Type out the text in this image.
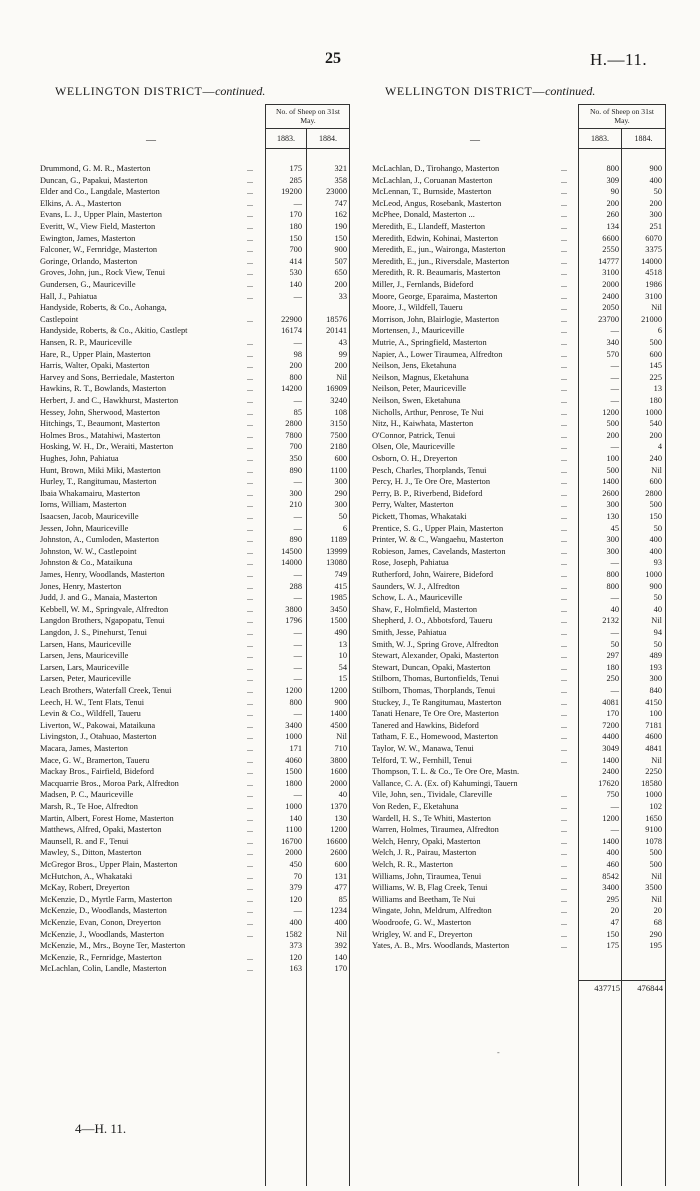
25	H.—11.
WELLINGTON DISTRICT—continued.
—
No. of Sheep on 31st May.
1883.	1884.
WELLINGTON DISTRICT—continued.
—
No. of Sheep on 31st May.
1883.	1884.
Drummond, G. M. R., Masterton	...	175	321
Duncan, G., Papakui, Masterton	...	285	358
Elder and Co., Langdale, Masterton	...	19200	23000
Elkins, A. A., Masterton	...	—	747
Evans, L. J., Upper Plain, Masterton	...	170	162
Everitt, W., View Field, Masterton	...	180	190
Ewington, James, Masterton	...	150	150
Falconer, W., Fernridge, Masterton	...	700	900
Goringe, Orlando, Masterton	...	414	507
Groves, John, jun., Rock View, Tenui	...	530	650
Gundersen, G., Mauriceville	...	140	200
Hall, J., Pahiatua	...	—	33
Handyside, Roberts, & Co., Aohanga,
Castlepoint	...	22900	18576
Handyside, Roberts, & Co., Akitio, Castlept	16174	20141
Hansen, R. P., Mauriceville	...	—	43
Hare, R., Upper Plain, Masterton	...	98	99
Harris, Walter, Opaki, Masterton	...	200	200
Harvey and Sons, Berriedale, Masterton	...	800	Nil
Hawkins, R. T., Bowlands, Masterton	...	14200	16909
Herbert, J. and C., Hawkhurst, Masterton	...	—	3240
Hessey, John, Sherwood, Masterton	...	85	108
Hitchings, T., Beaumont, Masterton	...	2800	3150
Holmes Bros., Matahiwi, Masterton	...	7800	7500
Hosking, W. H., Dr., Weraiti, Masterton	...	700	2180
Hughes, John, Pahiatua	...	350	600
Hunt, Brown, Miki Miki, Masterton	...	890	1100
Hurley, T., Rangitumau, Masterton	...	—	300
Ibaia Whakamairu, Masterton	...	300	290
Iorns, William, Masterton	...	210	300
Isaacsen, Jacob, Mauriceville	...	—	50
Jessen, John, Mauriceville	...	—	6
Johnston, A., Cumloden, Masterton	...	890	1189
Johnston, W. W., Castlepoint	...	14500	13999
Johnston & Co., Mataikuna	...	14000	13080
James, Henry, Woodlands, Masterton	...	—	749
Jones, Henry, Masterton	...	288	415
Judd, J. and G., Manaia, Masterton	...	—	1985
Kebbell, W. M., Springvale, Alfredton	...	3800	3450
Langdon Brothers, Ngapopatu, Tenui	...	1796	1500
Langdon, J. S., Pinehurst, Tenui	...	—	490
Larsen, Hans, Mauriceville	...	—	13
Larsen, Jens, Mauriceville	...	—	10
Larsen, Lars, Mauriceville	...	—	54
Larsen, Peter, Mauriceville	...	—	15
Leach Brothers, Waterfall Creek, Tenui	...	1200	1200
Leech, H. W., Tent Flats, Tenui	...	800	900
Levin & Co., Wildfell, Taueru	...	—	1400
Liverton, W., Pakowai, Mataikuna	...	3400	4500
Livingston, J., Otahuao, Masterton	...	1000	Nil
Macara, James, Masterton	...	171	710
Mace, G. W., Bramerton, Taueru	...	4060	3800
Mackay Bros., Fairfield, Bideford	...	1500	1600
Macquarrie Bros., Moroa Park, Alfredton	...	1800	2000
Madsen, P. C., Mauriceville	...	—	40
Marsh, R., Te Hoe, Alfredton	...	1000	1370
Martin, Albert, Forest Home, Masterton	...	140	130
Matthews, Alfred, Opaki, Masterton	...	1100	1200
Maunsell, R. and F., Tenui	...	16700	16600
Mawley, S., Ditton, Masterton	...	2000	2600
McGregor Bros., Upper Plain, Masterton	...	450	600
McHutchon, A., Whakataki	...	70	131
McKay, Robert, Dreyerton	...	379	477
McKenzie, D., Myrtle Farm, Masterton	...	120	85
McKenzie, D., Woodlands, Masterton	...	—	1234
McKenzie, Evan, Conon, Dreyerton	...	400	400
McKenzie, J., Woodlands, Masterton	...	1582	Nil
McKenzie, M., Mrs., Boyne Ter, Masterton	373	392
McKenzie, R., Fernridge, Masterton	...	120	140
McLachlan, Colin, Landle, Masterton	...	163	170
McLachlan, D., Tirohango, Masterton	...	800	900
McLachlan, J., Coruanan Masterton	...	309	400
McLennan, T., Burnside, Masterton	...	90	50
McLeod, Angus, Rosebank, Masterton	...	200	200
McPhee, Donald, Masterton ...	...	260	300
Meredith, E., Llandeff, Masterton	...	134	251
Meredith, Edwin, Kohinai, Masterton	...	6600	6070
Meredith, E., jun., Waironga, Masterton	...	2550	3375
Meredith, E., jun., Riversdale, Masterton	...	14777	14000
Meredith, R. R. Beaumaris, Masterton	...	3100	4518
Miller, J., Fernlands, Bideford	...	2000	1986
Moore, George, Eparaima, Masterton	...	2400	3100
Moore, J., Wildfell, Taueru	...	2050	Nil
Morrison, John, Blairlogie, Masterton	...	23700	21000
Mortensen, J., Mauriceville	...	—	6
Mutrie, A., Springfield, Masterton	...	340	500
Napier, A., Lower Tiraumea, Alfredton	...	570	600
Neilson, Jens, Eketahuna	...	—	145
Neilson, Magnus, Eketahuna	...	—	225
Neilson, Peter, Mauriceville	...	—	13
Neilson, Swen, Eketahuna	...	—	180
Nicholls, Arthur, Penrose, Te Nui	...	1200	1000
Nitz, H., Kaiwhata, Masterton	...	500	540
O'Connor, Patrick, Tenui	...	200	200
Olsen, Ole, Mauriceville	...	—	4
Osborn, O. H., Dreyerton	...	100	240
Pesch, Charles, Thorplands, Tenui	...	500	Nil
Percy, H. J., Te Ore Ore, Masterton	...	1400	600
Perry, B. P., Riverbend, Bideford	...	2600	2800
Perry, Walter, Masterton	...	300	500
Pickett, Thomas, Whakataki	...	130	150
Prentice, S. G., Upper Plain, Masterton	...	45	50
Printer, W. & C., Wangaehu, Masterton	...	300	400
Robieson, James, Cavelands, Masterton	...	300	400
Rose, Joseph, Pahiatua	...	—	93
Rutherford, John, Wairere, Bideford	...	800	1000
Saunders, W. J., Alfredton	...	800	900
Schow, L. A., Mauriceville	...	—	50
Shaw, F., Holmfield, Masterton	...	40	40
Shepherd, J. O., Abbotsford, Taueru	...	2132	Nil
Smith, Jesse, Pahiatua	...	—	94
Smith, W. J., Spring Grove, Alfredton	...	50	50
Stewart, Alexander, Opaki, Masterton	...	297	489
Stewart, Duncan, Opaki, Masterton	...	180	193
Stilborn, Thomas, Burtonfields, Tenui	...	250	300
Stilborn, Thomas, Thorplands, Tenui	...	—	840
Stuckey, J., Te Rangitumau, Masterton	...	4081	4150
Tanati Henare, Te Ore Ore, Masterton	...	170	100
Tanered and Hawkins, Bideford	...	7200	7181
Tatham, F. E., Homewood, Masterton	...	4400	4600
Taylor, W. W., Manawa, Tenui	...	3049	4841
Telford, T. W., Fernhill, Tenui	...	1400	Nil
Thompson, T. L. & Co., Te Ore Ore, Mastn.	2400	2250
Vallance, C. A. (Ex. of) Kahumingi, Tauern	17620	18580
Vile, John, sen., Tividale, Clareville	...	750	1000
Von Reden, F., Eketahuna	...	—	102
Wardell, H. S., Te Whiti, Masterton	...	1200	1650
Warren, Holmes, Tiraumea, Alfredton	...	—	9100
Welch, Henry, Opaki, Masterton	...	1400	1078
Welch, J. R., Pairau, Masterton	...	400	500
Welch, R. R., Masterton	...	460	500
Williams, John, Tiraumea, Tenui	...	8542	Nil
Williams, W. B, Flag Creek, Tenui	...	3400	3500
Williams and Beetham, Te Nui	...	295	Nil
Wingate, John, Meldrum, Alfredton	...	20	20
Woodroofe, G. W., Masterton	...	47	68
Wrigley, W. and F., Dreyerton	...	150	290
Yates, A. B., Mrs. Woodlands, Masterton	...	175	195
437715	476844
-
4—H. 11.
